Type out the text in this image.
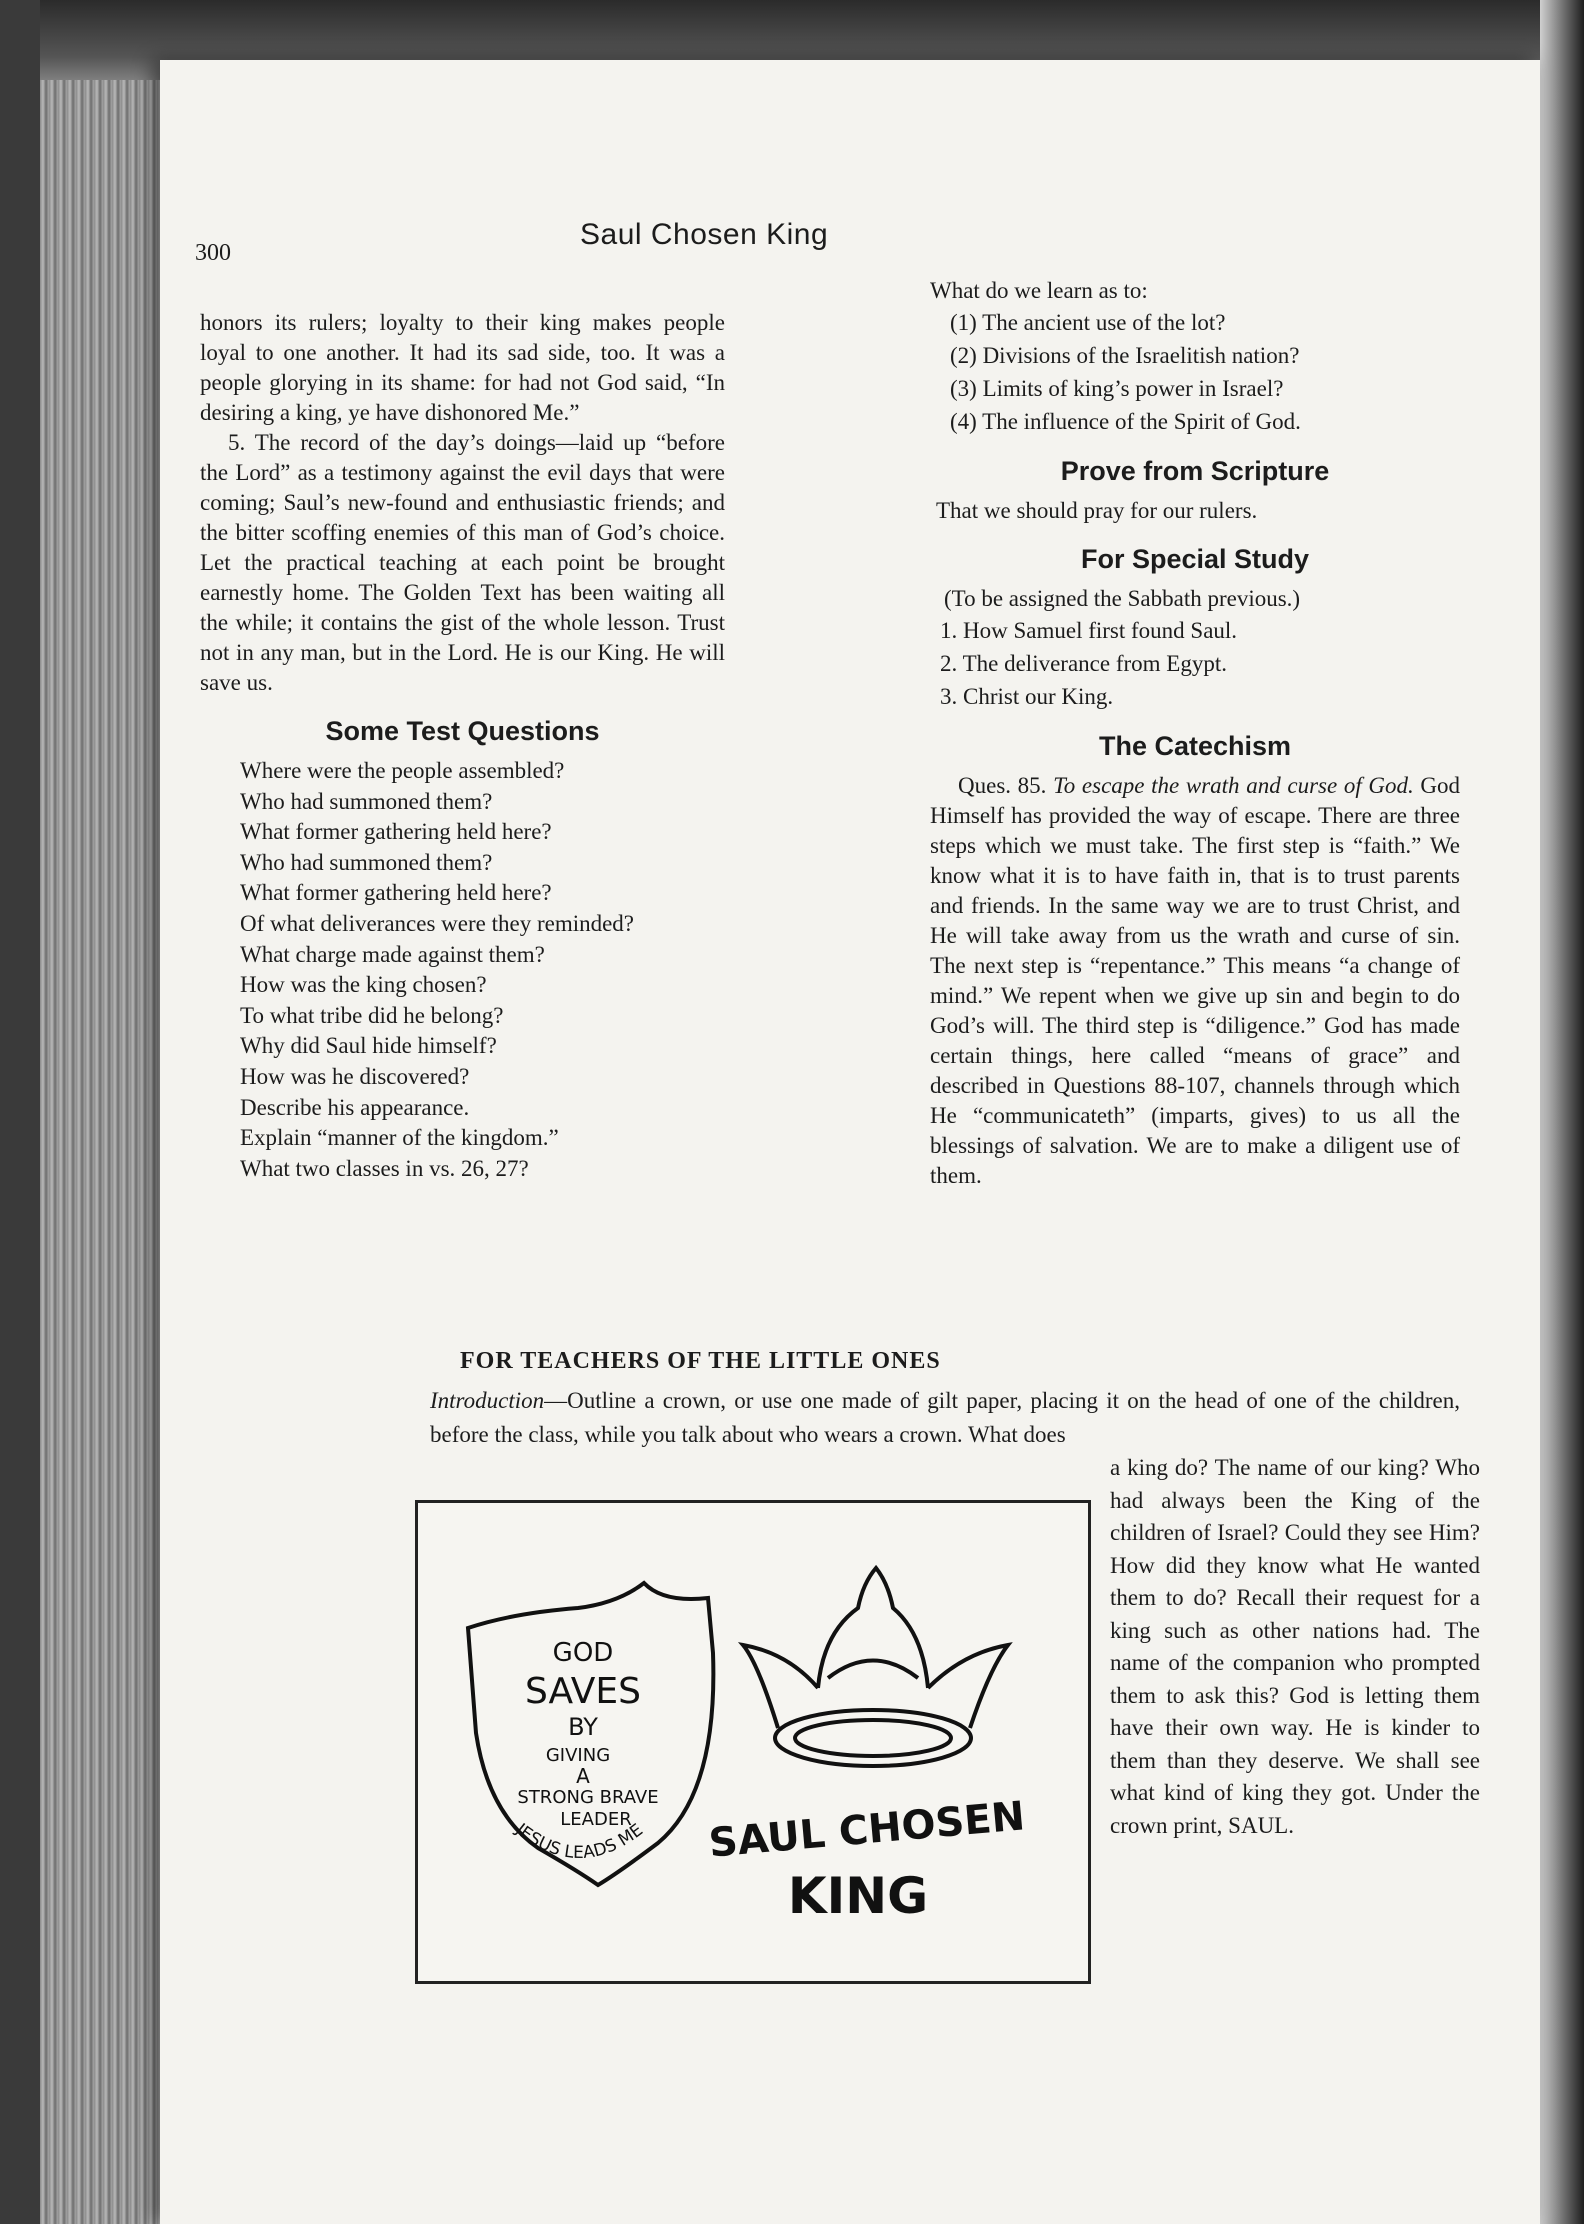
300
Saul Chosen King

honors its rulers; loyalty to their king makes people loyal to one another. It had its sad side, too. It was a people glorying in its shame: for had not God said, “In desiring a king, ye have dishonored Me.”

5. The record of the day’s doings—laid up “before the Lord” as a testimony against the evil days that were coming; Saul’s new-found and enthusiastic friends; and the bitter scoffing enemies of this man of God’s choice. Let the practical teaching at each point be brought earnestly home. The Golden Text has been waiting all the while; it contains the gist of the whole lesson. Trust not in any man, but in the Lord. He is our King. He will save us.

Some Test Questions
Where were the people assembled?
Who had summoned them?
What former gathering held here?
Who had summoned them?
What former gathering held here?
Of what deliverances were they reminded?
What charge made against them?
How was the king chosen?
To what tribe did he belong?
Why did Saul hide himself?
How was he discovered?
Describe his appearance.
Explain “manner of the kingdom.”
What two classes in vs. 26, 27?
What do we learn as to:
(1) The ancient use of the lot?
(2) Divisions of the Israelitish nation?
(3) Limits of king’s power in Israel?
(4) The influence of the Spirit of God.
Prove from Scripture
That we should pray for our rulers.
For Special Study
(To be assigned the Sabbath previous.)
1. How Samuel first found Saul.
2. The deliverance from Egypt.
3. Christ our King.
The Catechism

Ques. 85. To escape the wrath and curse of God. God Himself has provided the way of escape. There are three steps which we must take. The first step is “faith.” We know what it is to have faith in, that is to trust parents and friends. In the same way we are to trust Christ, and He will take away from us the wrath and curse of sin. The next step is “repentance.” This means “a change of mind.” We repent when we give up sin and begin to do God’s will. The third step is “diligence.” God has made certain things, here called “means of grace” and described in Questions 88-107, channels through which He “communicateth” (imparts, gives) to us all the blessings of salvation. We are to make a diligent use of them.

FOR TEACHERS OF THE LITTLE ONES
Introduction—Outline a crown, or use one made of gilt paper, placing it on the head of one of the children, before the class, while you talk about who wears a crown. What does
a king do? The name of our king? Who had always been the King of the children of Israel? Could they see Him? How did they know what He wanted them to do? Recall their request for a king such as other nations had. The name of the companion who prompted them to ask this? God is letting them have their own way. He is kinder to them than they deserve. We shall see what kind of king they got. Under the crown print, SAUL.
GOD
SAVES
BY
GIVING
A
STRONG BRAVE
LEADER
JESUS LEADS ME SAUL CHOSEN
KING
